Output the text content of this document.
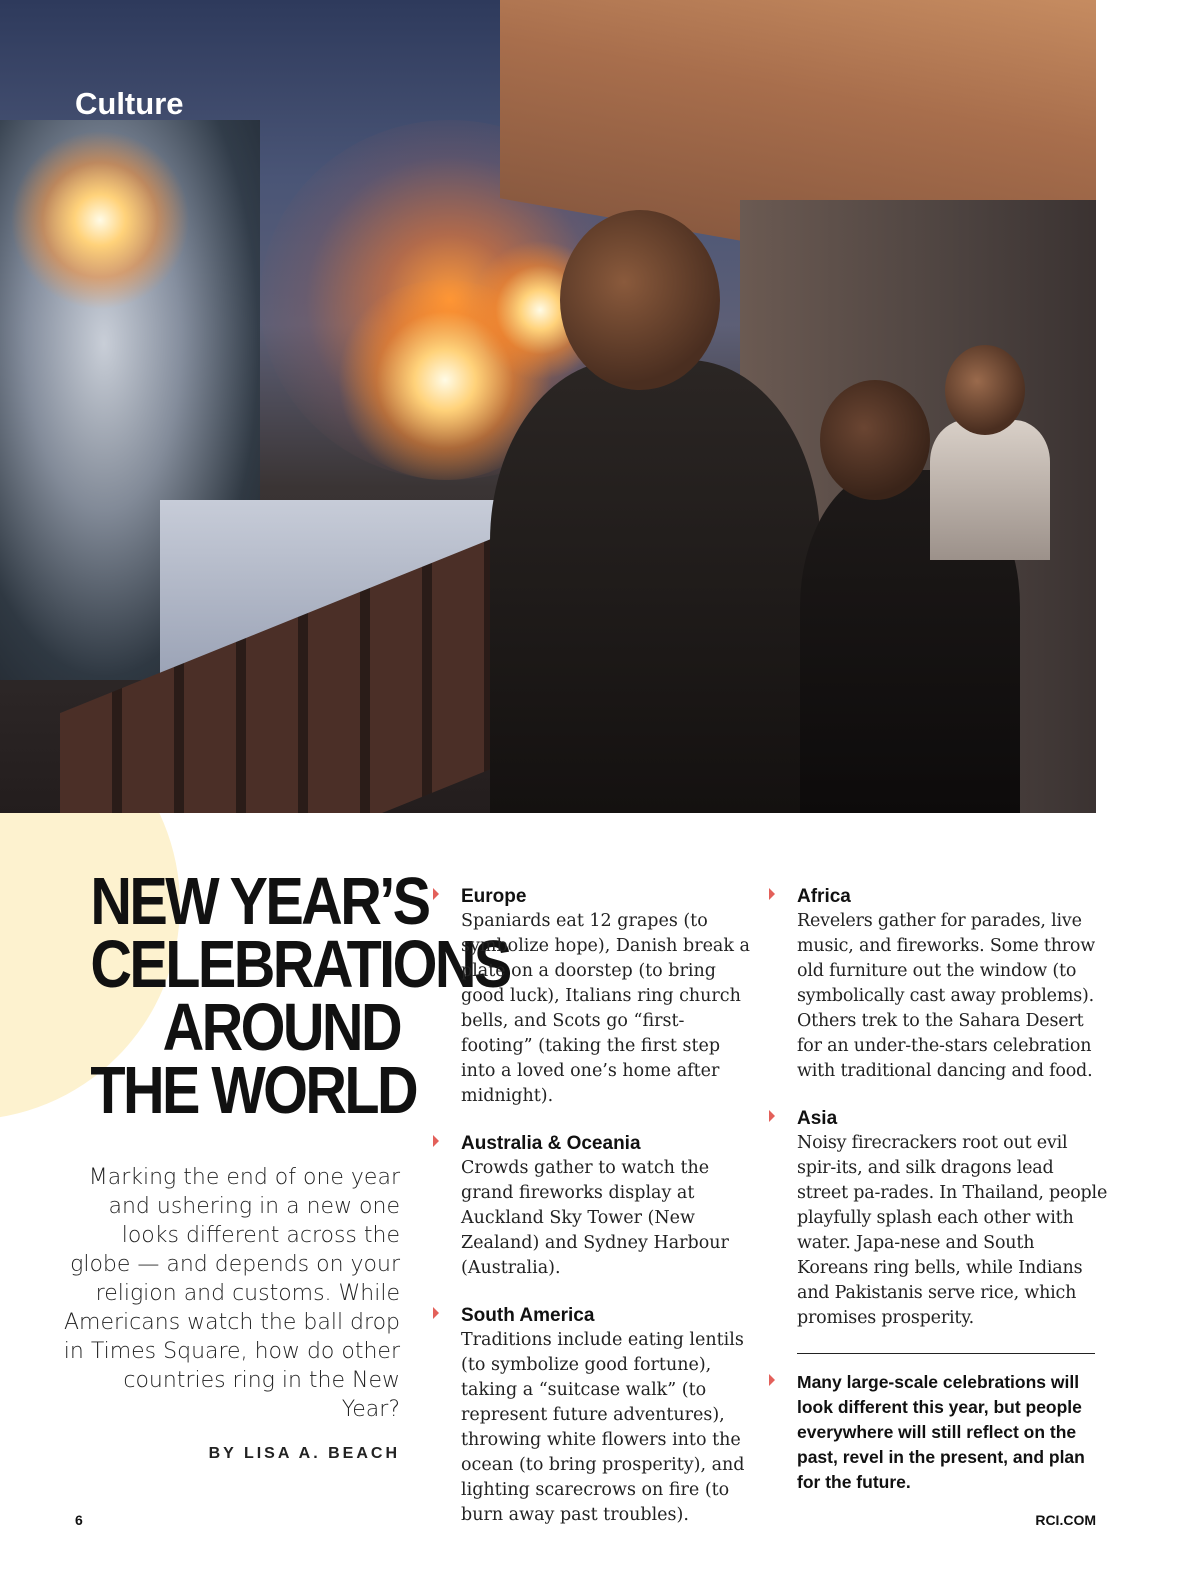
Culture
NEW YEAR’S
CELEBRATIONS
AROUND
THE WORLD
Marking the end of one year and ushering in a new one looks different across the globe — and depends on your religion and customs. While Americans watch the ball drop in Times Square, how do other countries ring in the New Year?
BY LISA A. BEACH
Europe

Spaniards eat 12 grapes (to symbolize hope), Danish break a plate on a doorstep (to bring good luck), Italians ring church bells, and Scots go “first-footing” (taking the first step into a loved one’s home after midnight).

Australia & Oceania

Crowds gather to watch the grand fireworks display at Auckland Sky Tower (New Zealand) and Sydney Harbour (Australia).

South America

Traditions include eating lentils (to symbolize good fortune), taking a “suitcase walk” (to represent future adventures), throwing white flowers into the ocean (to bring prosperity), and lighting scarecrows on fire (to burn away past troubles).

Africa

Revelers gather for parades, live music, and fireworks. Some throw old furniture out the window (to symbolically cast away problems). Others trek to the Sahara Desert for an under-the-stars celebration with traditional dancing and food.

Asia

Noisy firecrackers root out evil spir-its, and silk dragons lead street pa-rades. In Thailand, people playfully splash each other with water. Japa-nese and South Koreans ring bells, while Indians and Pakistanis serve rice, which promises prosperity.

Many large-scale celebrations will look different this year, but people everywhere will still reflect on the past, revel in the present, and plan for the future.

6	RCI.COM
